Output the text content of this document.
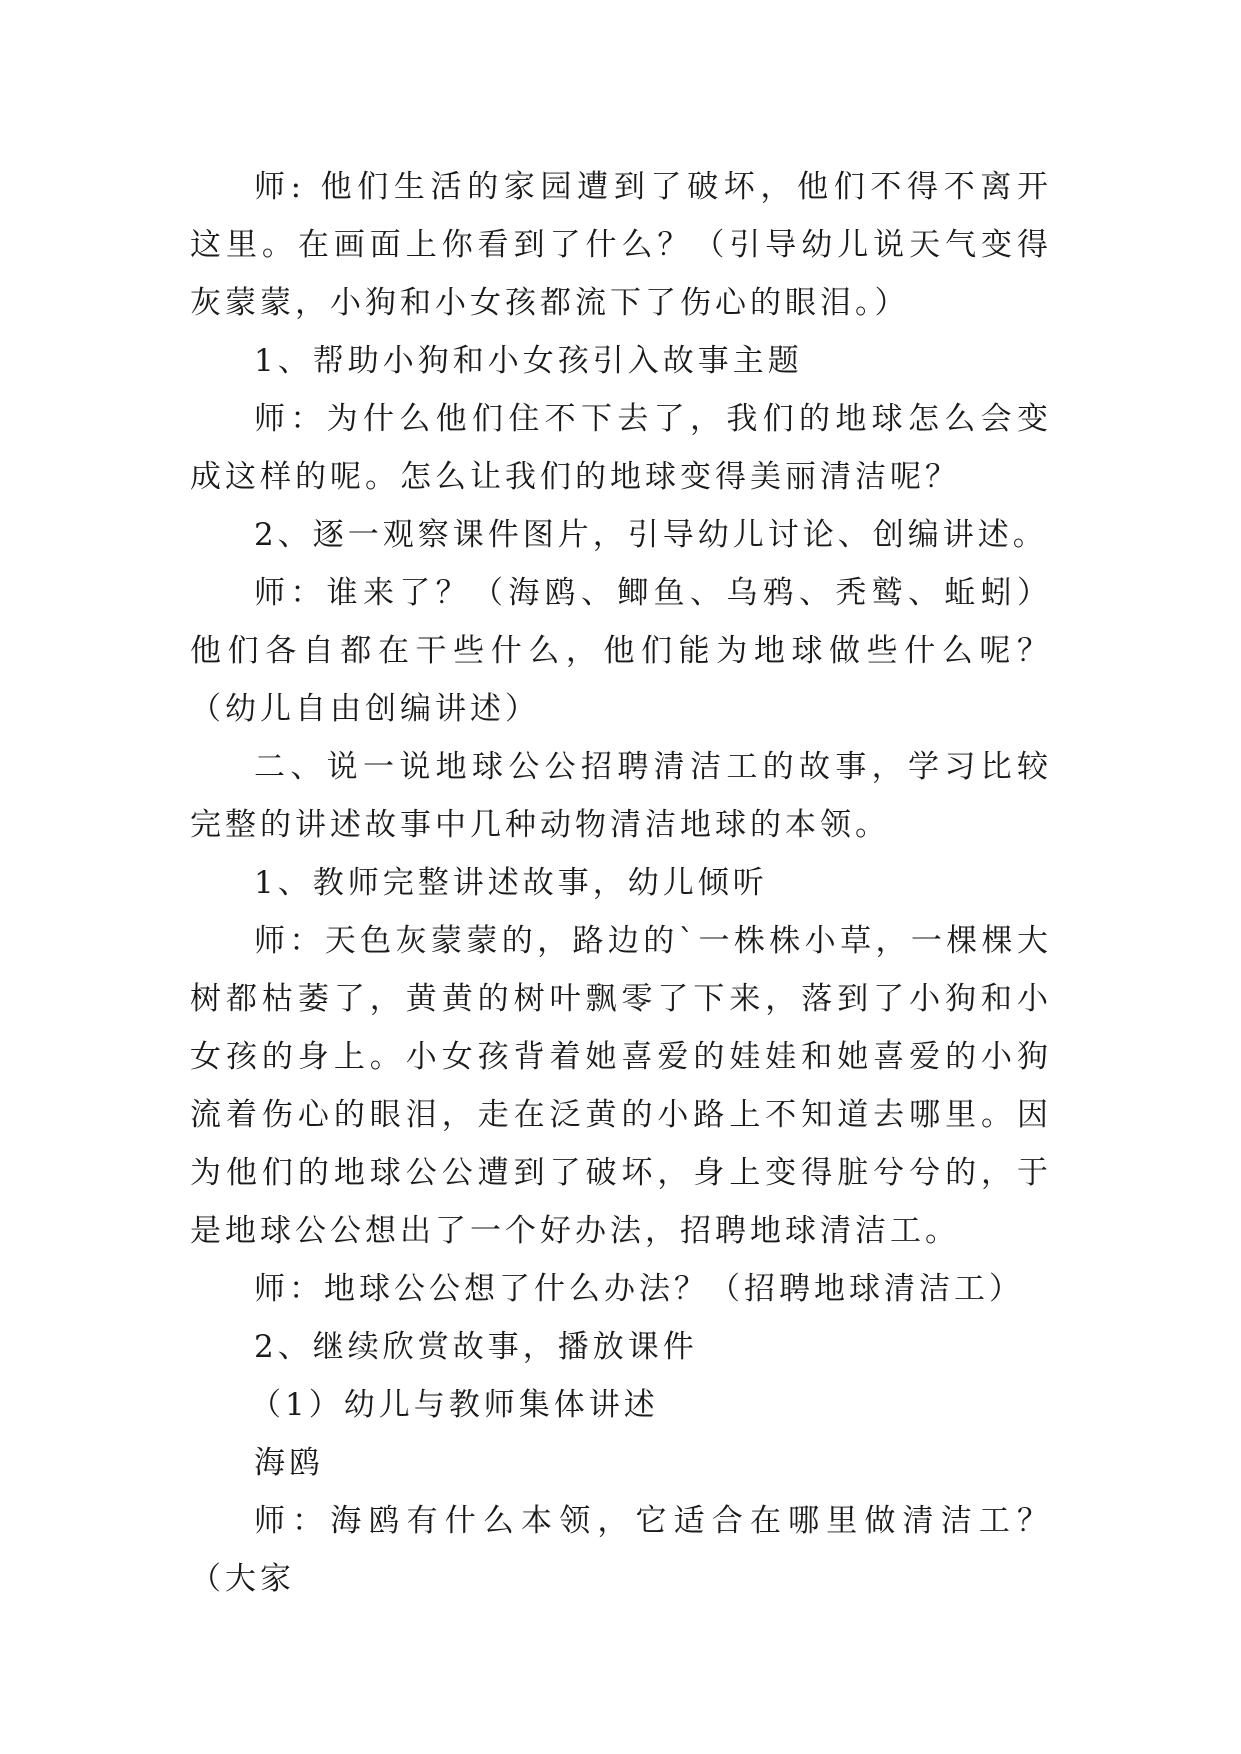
师: 他们生活的家园遭到了破坏，他们不得不离开这里。在画面上你看到了什么？（引导幼儿说天气变得灰蒙蒙，小狗和小女孩都流下了伤心的眼泪。）

1、帮助小狗和小女孩引入故事主题

师：为什么他们住不下去了，我们的地球怎么会变成这样的呢。怎么让我们的地球变得美丽清洁呢？

2、逐一观察课件图片，引导幼儿讨论、创编讲述。

师：谁来了？（海鸥、鲫鱼、乌鸦、秃鹫、蚯蚓）他们各自都在干些什么，他们能为地球做些什么呢？（幼儿自由创编讲述）

二、说一说地球公公招聘清洁工的故事，学习比较完整的讲述故事中几种动物清洁地球的本领。

1、教师完整讲述故事，幼儿倾听

师：天色灰蒙蒙的，路边的`一株株小草，一棵棵大树都枯萎了，黄黄的树叶飘零了下来，落到了小狗和小女孩的身上。小女孩背着她喜爱的娃娃和她喜爱的小狗流着伤心的眼泪，走在泛黄的小路上不知道去哪里。因为他们的地球公公遭到了破坏，身上变得脏兮兮的，于是地球公公想出了一个好办法，招聘地球清洁工。

师：地球公公想了什么办法？（招聘地球清洁工）

2、继续欣赏故事，播放课件

（1）幼儿与教师集体讲述

海鸥

师：海鸥有什么本领，它适合在哪里做清洁工？（大家
